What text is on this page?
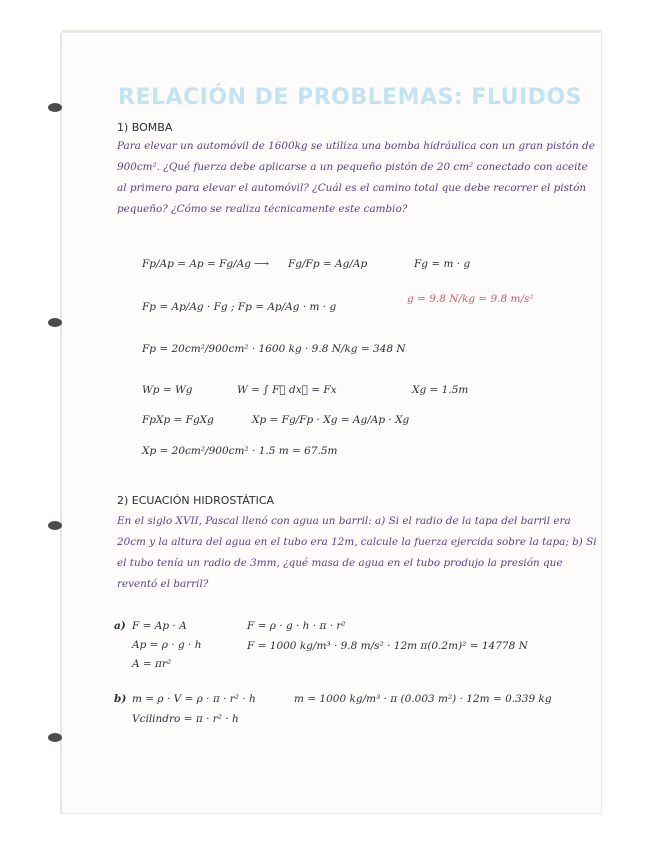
RELACIÓN DE PROBLEMAS: FLUIDOS

1) BOMBA

Para elevar un automóvil de 1600kg se utiliza una bomba hidráulica con un gran pistón de 900cm². ¿Qué fuerza debe aplicarse a un pequeño pistón de 20 cm² conectado con aceite al primero para elevar el automóvil? ¿Cuál es el camino total que debe recorrer el pistón pequeño? ¿Cómo se realiza técnicamente este cambio?

Fp/Ap = Ap = Fg/Ag ⟶ Fg/Fp = Ag/Ap	Fg = m · g

Fp = Ap/Ag · Fg ; Fp = Ap/Ag · m · g

g = 9.8 N/kg = 9.8 m/s²

Fp = 20cm²/900cm² · 1600 kg · 9.8 N/kg = 348 N

Wp = Wg	W = ∫ F⃗ dx⃗ = Fx	Xg = 1.5m

FpXp = FgXg	Xp = Fg/Fp · Xg = Ag/Ap · Xg

Xp = 20cm²/900cm² · 1.5 m = 67.5m

2) ECUACIÓN HIDROSTÁTICA

En el siglo XVII, Pascal llenó con agua un barril: a) Si el radio de la tapa del barril era 20cm y la altura del agua en el tubo era 12m, calcule la fuerza ejercida sobre la tapa; b) Si el tubo tenía un radio de 3mm, ¿qué masa de agua en el tubo produjo la presión que reventó el barril?

a) F = Ap · A

Ap = ρ · g · h

A = πr²

F = ρ · g · h · π · r²

F = 1000 kg/m³ · 9.8 m/s² · 12m π(0.2m)² = 14778 N

b) m = ρ · V = ρ · π · r² · h	m = 1000 kg/m³ · π (0.003 m²) · 12m = 0.339 kg

Vcilindro = π · r² · h
